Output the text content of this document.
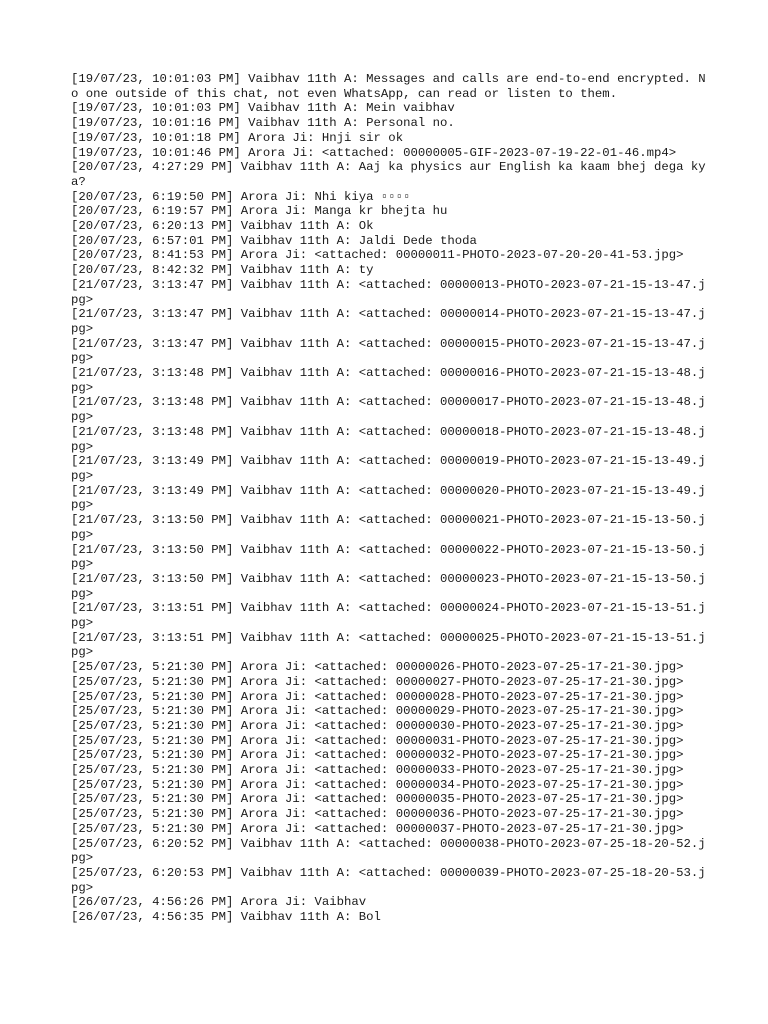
[19/07/23, 10:01:03 PM] Vaibhav 11th A: Messages and calls are end-to-end encrypted. No one outside of this chat, not even WhatsApp, can read or listen to them.

[19/07/23, 10:01:03 PM] Vaibhav 11th A: Mein vaibhav

[19/07/23, 10:01:16 PM] Vaibhav 11th A: Personal no.

[19/07/23, 10:01:18 PM] Arora Ji: Hnji sir ok

[19/07/23, 10:01:46 PM] Arora Ji: <attached: 00000005-GIF-2023-07-19-22-01-46.mp4>

[20/07/23, 4:27:29 PM] Vaibhav 11th A: Aaj ka physics aur English ka kaam bhej dega kya?

[20/07/23, 6:19:50 PM] Arora Ji: Nhi kiya ▫▫▫▫

[20/07/23, 6:19:57 PM] Arora Ji: Manga kr bhejta hu

[20/07/23, 6:20:13 PM] Vaibhav 11th A: Ok

[20/07/23, 6:57:01 PM] Vaibhav 11th A: Jaldi Dede thoda

[20/07/23, 8:41:53 PM] Arora Ji: <attached: 00000011-PHOTO-2023-07-20-20-41-53.jpg>

[20/07/23, 8:42:32 PM] Vaibhav 11th A: ty

[21/07/23, 3:13:47 PM] Vaibhav 11th A: <attached: 00000013-PHOTO-2023-07-21-15-13-47.jpg>

[21/07/23, 3:13:47 PM] Vaibhav 11th A: <attached: 00000014-PHOTO-2023-07-21-15-13-47.jpg>

[21/07/23, 3:13:47 PM] Vaibhav 11th A: <attached: 00000015-PHOTO-2023-07-21-15-13-47.jpg>

[21/07/23, 3:13:48 PM] Vaibhav 11th A: <attached: 00000016-PHOTO-2023-07-21-15-13-48.jpg>

[21/07/23, 3:13:48 PM] Vaibhav 11th A: <attached: 00000017-PHOTO-2023-07-21-15-13-48.jpg>

[21/07/23, 3:13:48 PM] Vaibhav 11th A: <attached: 00000018-PHOTO-2023-07-21-15-13-48.jpg>

[21/07/23, 3:13:49 PM] Vaibhav 11th A: <attached: 00000019-PHOTO-2023-07-21-15-13-49.jpg>

[21/07/23, 3:13:49 PM] Vaibhav 11th A: <attached: 00000020-PHOTO-2023-07-21-15-13-49.jpg>

[21/07/23, 3:13:50 PM] Vaibhav 11th A: <attached: 00000021-PHOTO-2023-07-21-15-13-50.jpg>

[21/07/23, 3:13:50 PM] Vaibhav 11th A: <attached: 00000022-PHOTO-2023-07-21-15-13-50.jpg>

[21/07/23, 3:13:50 PM] Vaibhav 11th A: <attached: 00000023-PHOTO-2023-07-21-15-13-50.jpg>

[21/07/23, 3:13:51 PM] Vaibhav 11th A: <attached: 00000024-PHOTO-2023-07-21-15-13-51.jpg>

[21/07/23, 3:13:51 PM] Vaibhav 11th A: <attached: 00000025-PHOTO-2023-07-21-15-13-51.jpg>

[25/07/23, 5:21:30 PM] Arora Ji: <attached: 00000026-PHOTO-2023-07-25-17-21-30.jpg>

[25/07/23, 5:21:30 PM] Arora Ji: <attached: 00000027-PHOTO-2023-07-25-17-21-30.jpg>

[25/07/23, 5:21:30 PM] Arora Ji: <attached: 00000028-PHOTO-2023-07-25-17-21-30.jpg>

[25/07/23, 5:21:30 PM] Arora Ji: <attached: 00000029-PHOTO-2023-07-25-17-21-30.jpg>

[25/07/23, 5:21:30 PM] Arora Ji: <attached: 00000030-PHOTO-2023-07-25-17-21-30.jpg>

[25/07/23, 5:21:30 PM] Arora Ji: <attached: 00000031-PHOTO-2023-07-25-17-21-30.jpg>

[25/07/23, 5:21:30 PM] Arora Ji: <attached: 00000032-PHOTO-2023-07-25-17-21-30.jpg>

[25/07/23, 5:21:30 PM] Arora Ji: <attached: 00000033-PHOTO-2023-07-25-17-21-30.jpg>

[25/07/23, 5:21:30 PM] Arora Ji: <attached: 00000034-PHOTO-2023-07-25-17-21-30.jpg>

[25/07/23, 5:21:30 PM] Arora Ji: <attached: 00000035-PHOTO-2023-07-25-17-21-30.jpg>

[25/07/23, 5:21:30 PM] Arora Ji: <attached: 00000036-PHOTO-2023-07-25-17-21-30.jpg>

[25/07/23, 5:21:30 PM] Arora Ji: <attached: 00000037-PHOTO-2023-07-25-17-21-30.jpg>

[25/07/23, 6:20:52 PM] Vaibhav 11th A: <attached: 00000038-PHOTO-2023-07-25-18-20-52.jpg>

[25/07/23, 6:20:53 PM] Vaibhav 11th A: <attached: 00000039-PHOTO-2023-07-25-18-20-53.jpg>

[26/07/23, 4:56:26 PM] Arora Ji: Vaibhav

[26/07/23, 4:56:35 PM] Vaibhav 11th A: Bol
